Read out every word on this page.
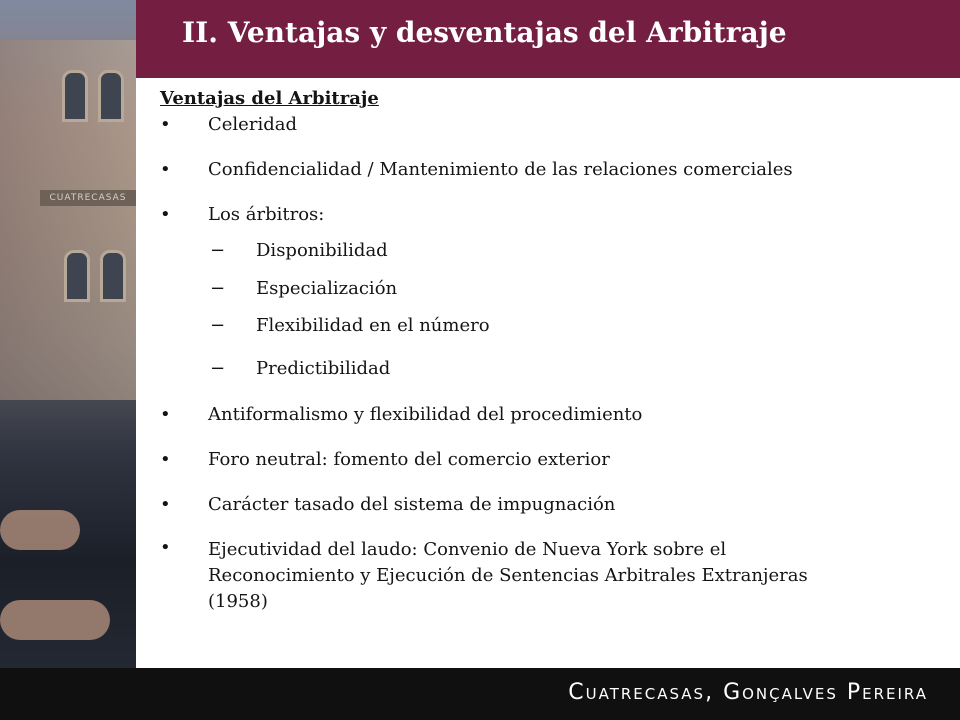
CUATRECASAS
II. Ventajas y desventajas del Arbitraje
Ventajas del Arbitraje
•	Celeridad
•	Confidencialidad / Mantenimiento de las relaciones comerciales
•	Los árbitros:
− Disponibilidad
− Especialización
− Flexibilidad en el número
− Predictibilidad
•	Antiformalismo y flexibilidad del procedimiento
•	Foro neutral: fomento del comercio exterior
•	Carácter tasado del sistema de impugnación
•	Ejecutividad del laudo: Convenio de Nueva York sobre el Reconocimiento y Ejecución de Sentencias Arbitrales Extranjeras (1958)
Cuatrecasas, Gonçalves Pereira
